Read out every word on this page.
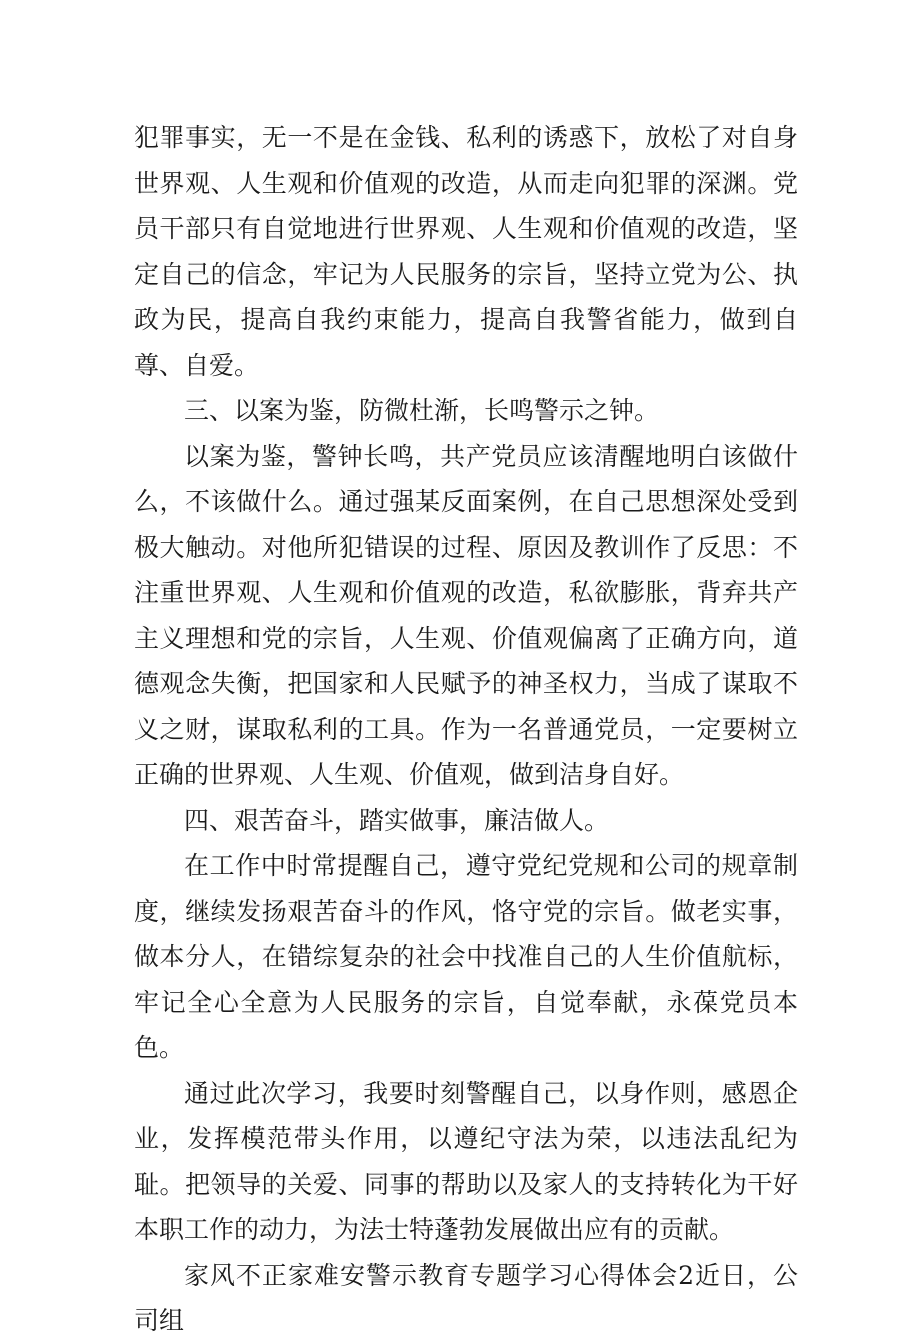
犯罪事实，无一不是在金钱、私利的诱惑下，放松了对自身世界观、人生观和价值观的改造，从而走向犯罪的深渊。党员干部只有自觉地进行世界观、人生观和价值观的改造，坚定自己的信念，牢记为人民服务的宗旨，坚持立党为公、执政为民，提高自我约束能力，提高自我警省能力，做到自尊、自爱。

三、以案为鉴，防微杜渐，长鸣警示之钟。

以案为鉴，警钟长鸣，共产党员应该清醒地明白该做什么，不该做什么。通过强某反面案例，在自己思想深处受到极大触动。对他所犯错误的过程、原因及教训作了反思：不注重世界观、人生观和价值观的改造，私欲膨胀，背弃共产主义理想和党的宗旨，人生观、价值观偏离了正确方向，道德观念失衡，把国家和人民赋予的神圣权力，当成了谋取不义之财，谋取私利的工具。作为一名普通党员，一定要树立正确的世界观、人生观、价值观，做到洁身自好。

四、艰苦奋斗，踏实做事，廉洁做人。

在工作中时常提醒自己，遵守党纪党规和公司的规章制度，继续发扬艰苦奋斗的作风，恪守党的宗旨。做老实事，做本分人，在错综复杂的社会中找准自己的人生价值航标，牢记全心全意为人民服务的宗旨，自觉奉献，永葆党员本色。

通过此次学习，我要时刻警醒自己，以身作则，感恩企业，发挥模范带头作用，以遵纪守法为荣，以违法乱纪为耻。把领导的关爱、同事的帮助以及家人的支持转化为干好本职工作的动力，为法士特蓬勃发展做出应有的贡献。

家风不正家难安警示教育专题学习心得体会2近日，公司组
